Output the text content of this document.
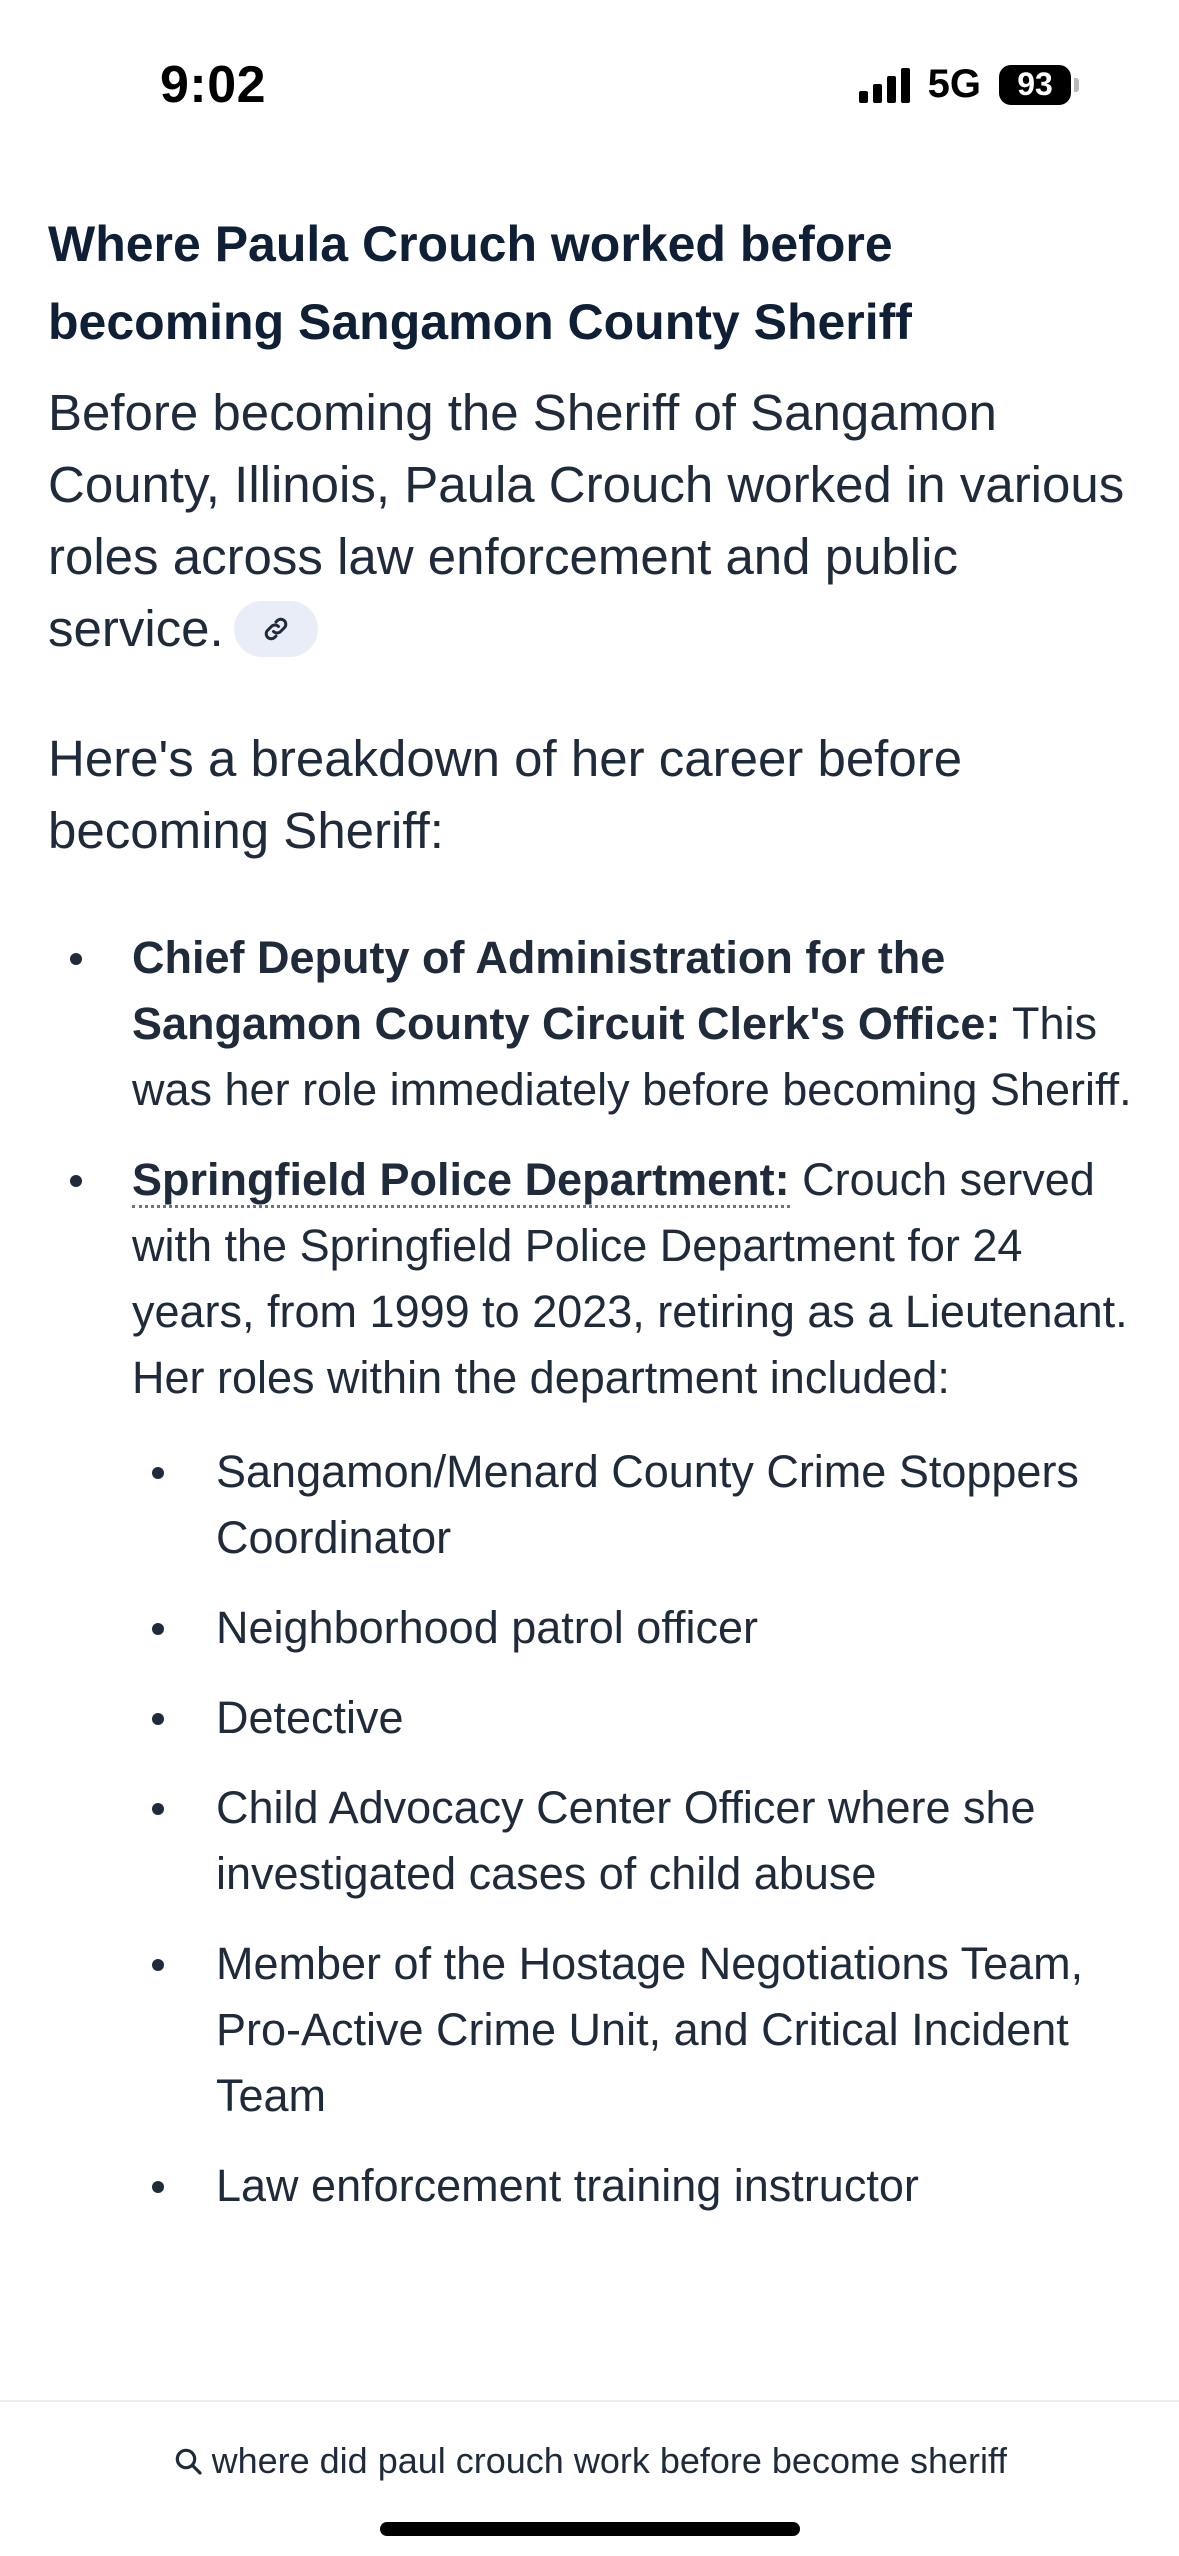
9:02	5G	93
Where Paula Crouch worked before becoming Sangamon County Sheriff

Before becoming the Sheriff of Sangamon County, Illinois, Paula Crouch worked in various roles across law enforcement and public service.

Here's a breakdown of her career before becoming Sheriff:

Chief Deputy of Administration for the Sangamon County Circuit Clerk's Office: This was her role immediately before becoming Sheriff.
Springfield Police Department: Crouch served with the Springfield Police Department for 24 years, from 1999 to 2023, retiring as a Lieutenant. Her roles within the department included:
Sangamon/Menard County Crime Stoppers Coordinator
Neighborhood patrol officer
Detective
Child Advocacy Center Officer where she investigated cases of child abuse
Member of the Hostage Negotiations Team, Pro-Active Crime Unit, and Critical Incident Team
Law enforcement training instructor
where did paul crouch work before become sheriff
